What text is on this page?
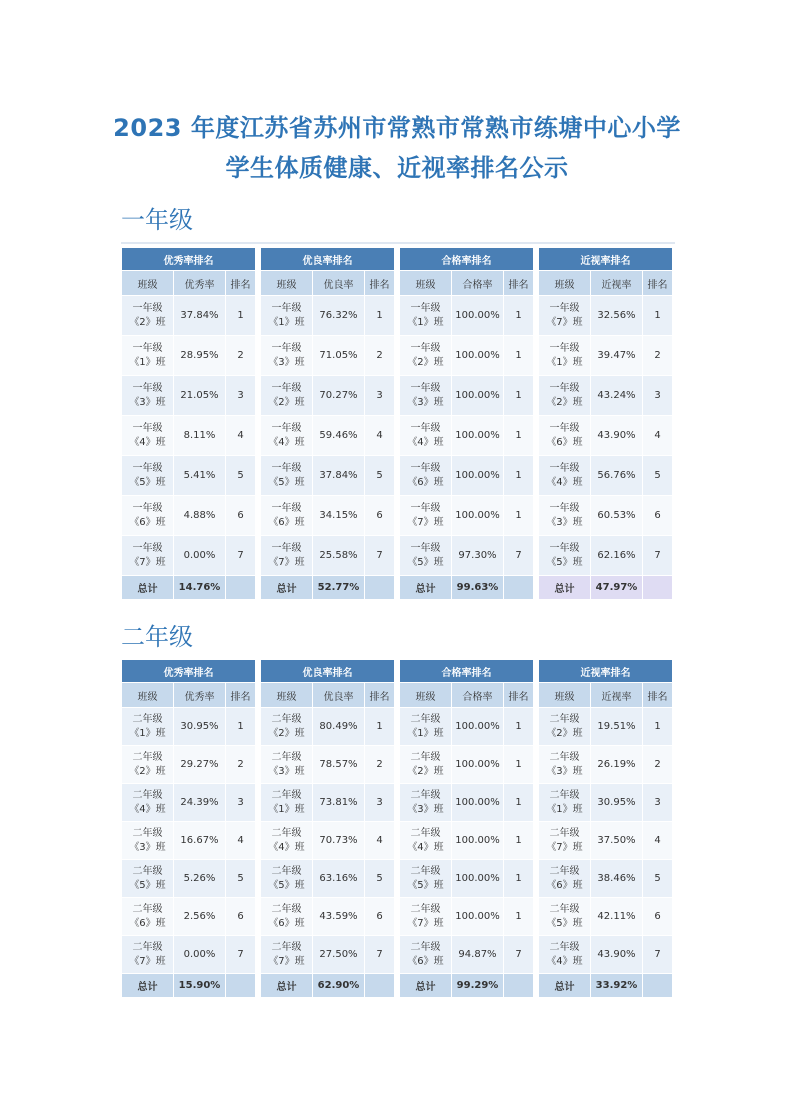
2023 年度江苏省苏州市常熟市常熟市练塘中心小学
学生体质健康、近视率排名公示
一年级
优秀率排名		
班级	优秀率	排名
一年级
《2》班	37.84%	1
一年级
《1》班	28.95%	2
一年级
《3》班	21.05%	3
一年级
《4》班	8.11%	4
一年级
《5》班	5.41%	5
一年级
《6》班	4.88%	6
一年级
《7》班	0.00%	7
总计	14.76%	
优良率排名		
班级	优良率	排名
一年级
《1》班	76.32%	1
一年级
《3》班	71.05%	2
一年级
《2》班	70.27%	3
一年级
《4》班	59.46%	4
一年级
《5》班	37.84%	5
一年级
《6》班	34.15%	6
一年级
《7》班	25.58%	7
总计	52.77%	
合格率排名		
班级	合格率	排名
一年级
《1》班	100.00%	1
一年级
《2》班	100.00%	1
一年级
《3》班	100.00%	1
一年级
《4》班	100.00%	1
一年级
《6》班	100.00%	1
一年级
《7》班	100.00%	1
一年级
《5》班	97.30%	7
总计	99.63%	
近视率排名		
班级	近视率	排名
一年级
《7》班	32.56%	1
一年级
《1》班	39.47%	2
一年级
《2》班	43.24%	3
一年级
《6》班	43.90%	4
一年级
《4》班	56.76%	5
一年级
《3》班	60.53%	6
一年级
《5》班	62.16%	7
总计	47.97%	
二年级
优秀率排名		
班级	优秀率	排名
二年级
《1》班	30.95%	1
二年级
《2》班	29.27%	2
二年级
《4》班	24.39%	3
二年级
《3》班	16.67%	4
二年级
《5》班	5.26%	5
二年级
《6》班	2.56%	6
二年级
《7》班	0.00%	7
总计	15.90%	
优良率排名		
班级	优良率	排名
二年级
《2》班	80.49%	1
二年级
《3》班	78.57%	2
二年级
《1》班	73.81%	3
二年级
《4》班	70.73%	4
二年级
《5》班	63.16%	5
二年级
《6》班	43.59%	6
二年级
《7》班	27.50%	7
总计	62.90%	
合格率排名		
班级	合格率	排名
二年级
《1》班	100.00%	1
二年级
《2》班	100.00%	1
二年级
《3》班	100.00%	1
二年级
《4》班	100.00%	1
二年级
《5》班	100.00%	1
二年级
《7》班	100.00%	1
二年级
《6》班	94.87%	7
总计	99.29%	
近视率排名		
班级	近视率	排名
二年级
《2》班	19.51%	1
二年级
《3》班	26.19%	2
二年级
《1》班	30.95%	3
二年级
《7》班	37.50%	4
二年级
《6》班	38.46%	5
二年级
《5》班	42.11%	6
二年级
《4》班	43.90%	7
总计	33.92%	
